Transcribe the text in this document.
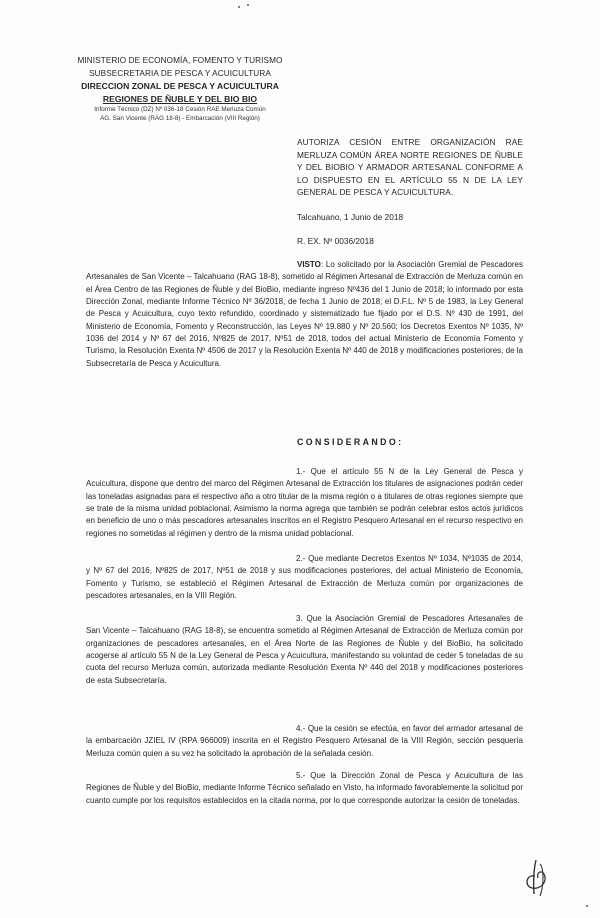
MINISTERIO DE ECONOMÍA, FOMENTO Y TURISMO
SUBSECRETARIA DE PESCA Y ACUICULTURA
DIRECCION ZONAL DE PESCA Y ACUICULTURA
REGIONES DE ÑUBLE Y DEL BIO BIO
Informe Técnico (DZ) Nº 036-18 Cesión RAE Merluza Común
AG. San Vicente (RAG 18-8) - Embarcación (VIII Región)
AUTORIZA CESIÓN ENTRE ORGANIZACIÓN RAE MERLUZA COMÚN ÁREA NORTE REGIONES DE ÑUBLE Y DEL BIOBIO Y ARMADOR ARTESANAL CONFORME A LO DISPUESTO EN EL ARTÍCULO 55 N DE LA LEY GENERAL DE PESCA Y ACUICULTURA.
Talcahuano, 1 Junio de 2018
R. EX. Nº 0036/2018
VISTO: Lo solicitado por la Asociación Gremial de Pescadores Artesanales de San Vicente – Talcahuano (RAG 18-8), sometido al Régimen Artesanal de Extracción de Merluza común en el Área Centro de las Regiones de Ñuble y del BioBio, mediante ingreso Nº436 del 1 Junio de 2018; lo informado por esta Dirección Zonal, mediante Informe Técnico Nº 36/2018, de fecha 1 Junio de 2018; el D.F.L. Nº 5 de 1983, la Ley General de Pesca y Acuicultura, cuyo texto refundido, coordinado y sistematizado fue fijado por el D.S. Nº 430 de 1991, del Ministerio de Economía, Fomento y Reconstrucción, las Leyes Nº 19.880 y Nº 20.560; los Decretos Exentos Nº 1035, Nº 1036 del 2014 y Nº 67 del 2016, Nº825 de 2017, Nº51 de 2018, todos del actual Ministerio de Economía Fomento y Turismo, la Resolución Exenta Nº 4506 de 2017 y la Resolución Exenta Nº 440 de 2018 y modificaciones posteriores, de la Subsecretaría de Pesca y Acuicultura.
CONSIDERANDO:
1.- Que el artículo 55 N de la Ley General de Pesca y Acuicultura, dispone que dentro del marco del Régimen Artesanal de Extracción los titulares de asignaciones podrán ceder las toneladas asignadas para el respectivo año a otro titular de la misma región o a titulares de otras regiones siempre que se trate de la misma unidad poblacional. Asimismo la norma agrega que también se podrán celebrar estos actos jurídicos en beneficio de uno o más pescadores artesanales inscritos en el Registro Pesquero Artesanal en el recurso respectivo en regiones no sometidas al régimen y dentro de la misma unidad poblacional.
2.- Que mediante Decretos Exentos Nº 1034, Nº1035 de 2014, y Nº 67 del 2016, Nº825 de 2017, Nº51 de 2018 y sus modificaciones posteriores, del actual Ministerio de Economía, Fomento y Turismo, se estableció el Régimen Artesanal de Extracción de Merluza común por organizaciones de pescadores artesanales, en la VIII Región.
3. Que la Asociación Gremial de Pescadores Artesanales de San Vicente – Talcahuano (RAG 18-8), se encuentra sometido al Régimen Artesanal de Extracción de Merluza común por organizaciones de pescadores artesanales, en el Área Norte de las Regiones de Ñuble y del BioBio, ha solicitado acogerse al artículo 55 N de la Ley General de Pesca y Acuicultura, manifestando su voluntad de ceder 5 toneladas de su cuota del recurso Merluza común, autorizada mediante Resolución Exenta Nº 440 del 2018 y modificaciones posteriores de esta Subsecretaría.
4.- Que la cesión se efectúa, en favor del armador artesanal de la embarcación JZIEL IV (RPA 966009) inscrita en el Registro Pesquero Artesanal de la VIII Región, sección pesquería Merluza común quien a su vez ha solicitado la aprobación de la señalada cesión.
5.- Que la Dirección Zonal de Pesca y Acuicultura de las Regiones de Ñuble y del BioBio, mediante Informe Técnico señalado en Visto, ha informado favorablemente la solicitud por cuanto cumple por los requisitos establecidos en la citada norma, por lo que corresponde autorizar la cesión de toneladas.
